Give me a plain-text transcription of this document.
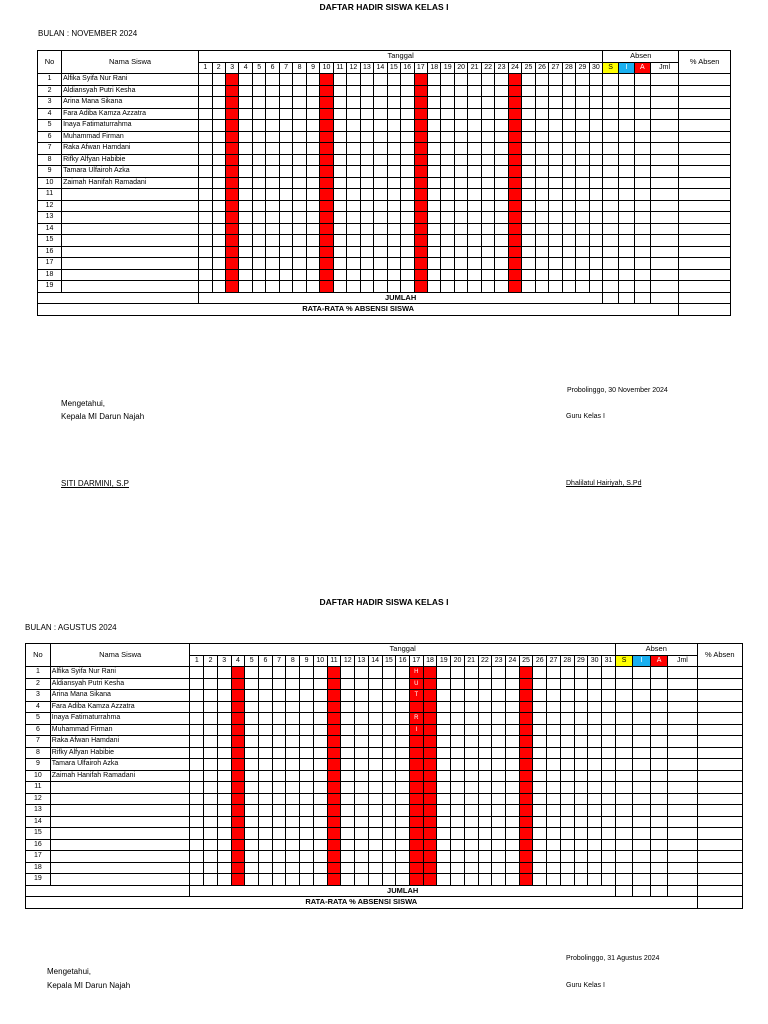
DAFTAR HADIR SISWA KELAS I
BULAN : NOVEMBER 2024
No	Nama Siswa	Tanggal																														Absen				% Absen
		1	2	3	4	5	6	7	8	9	10	11	12	13	14	15	16	17	18	19	20	21	22	23	24	25	26	27	28	29	30	S	I	A	Jml	
1	Alfika Syifa Nur Rani																																			
2	Aldiansyah Putri Kesha																																			
3	Arina Mana Sikana																																			
4	Fara Adiba Kamza Azzatra																																			
5	Inaya Fatimaturrahma																																			
6	Muhammad Firman																																			
7	Raka Afwan Hamdani																																			
8	Rifky Alfyan Habibie																																			
9	Tamara Ulfairoh Azka																																			
10	Zaimah Hanifah Ramadani																																			
11																																				
12																																				
13																																				
14																																				
15																																				
16																																				
17																																				
18																																				
19																																				
		JUMLAH																																		
RATA-RATA % ABSENSI SISWA																																				
Probolinggo, 30 November 2024
Mengetahui,
Kepala MI Darun Najah	Guru Kelas I
SITI DARMINI, S.P	Dhalilatul Hairiyah, S.Pd
DAFTAR HADIR SISWA KELAS I
BULAN : AGUSTUS 2024
No	Nama Siswa	Tanggal																															Absen				% Absen
		1	2	3	4	5	6	7	8	9	10	11	12	13	14	15	16	17	18	19	20	21	22	23	24	25	26	27	28	29	30	31	S	I	A	Jml	
1	Alfika Syifa Nur Rani																	H																			
2	Aldiansyah Putri Kesha																	U																			
3	Arina Mana Sikana																	T																			
4	Fara Adiba Kamza Azzatra																																				
5	Inaya Fatimaturrahma																	R																			
6	Muhammad Firman																	I																			
7	Raka Afwan Hamdani																																				
8	Rifky Alfyan Habibie																																				
9	Tamara Ulfairoh Azka																																				
10	Zaimah Hanifah Ramadani																																				
11																																					
12																																					
13																																					
14																																					
15																																					
16																																					
17																																					
18																																					
19																																					
		JUMLAH																																			
RATA-RATA % ABSENSI SISWA																																					
Probolinggo, 31 Agustus 2024
Mengetahui,
Kepala MI Darun Najah	Guru Kelas I
